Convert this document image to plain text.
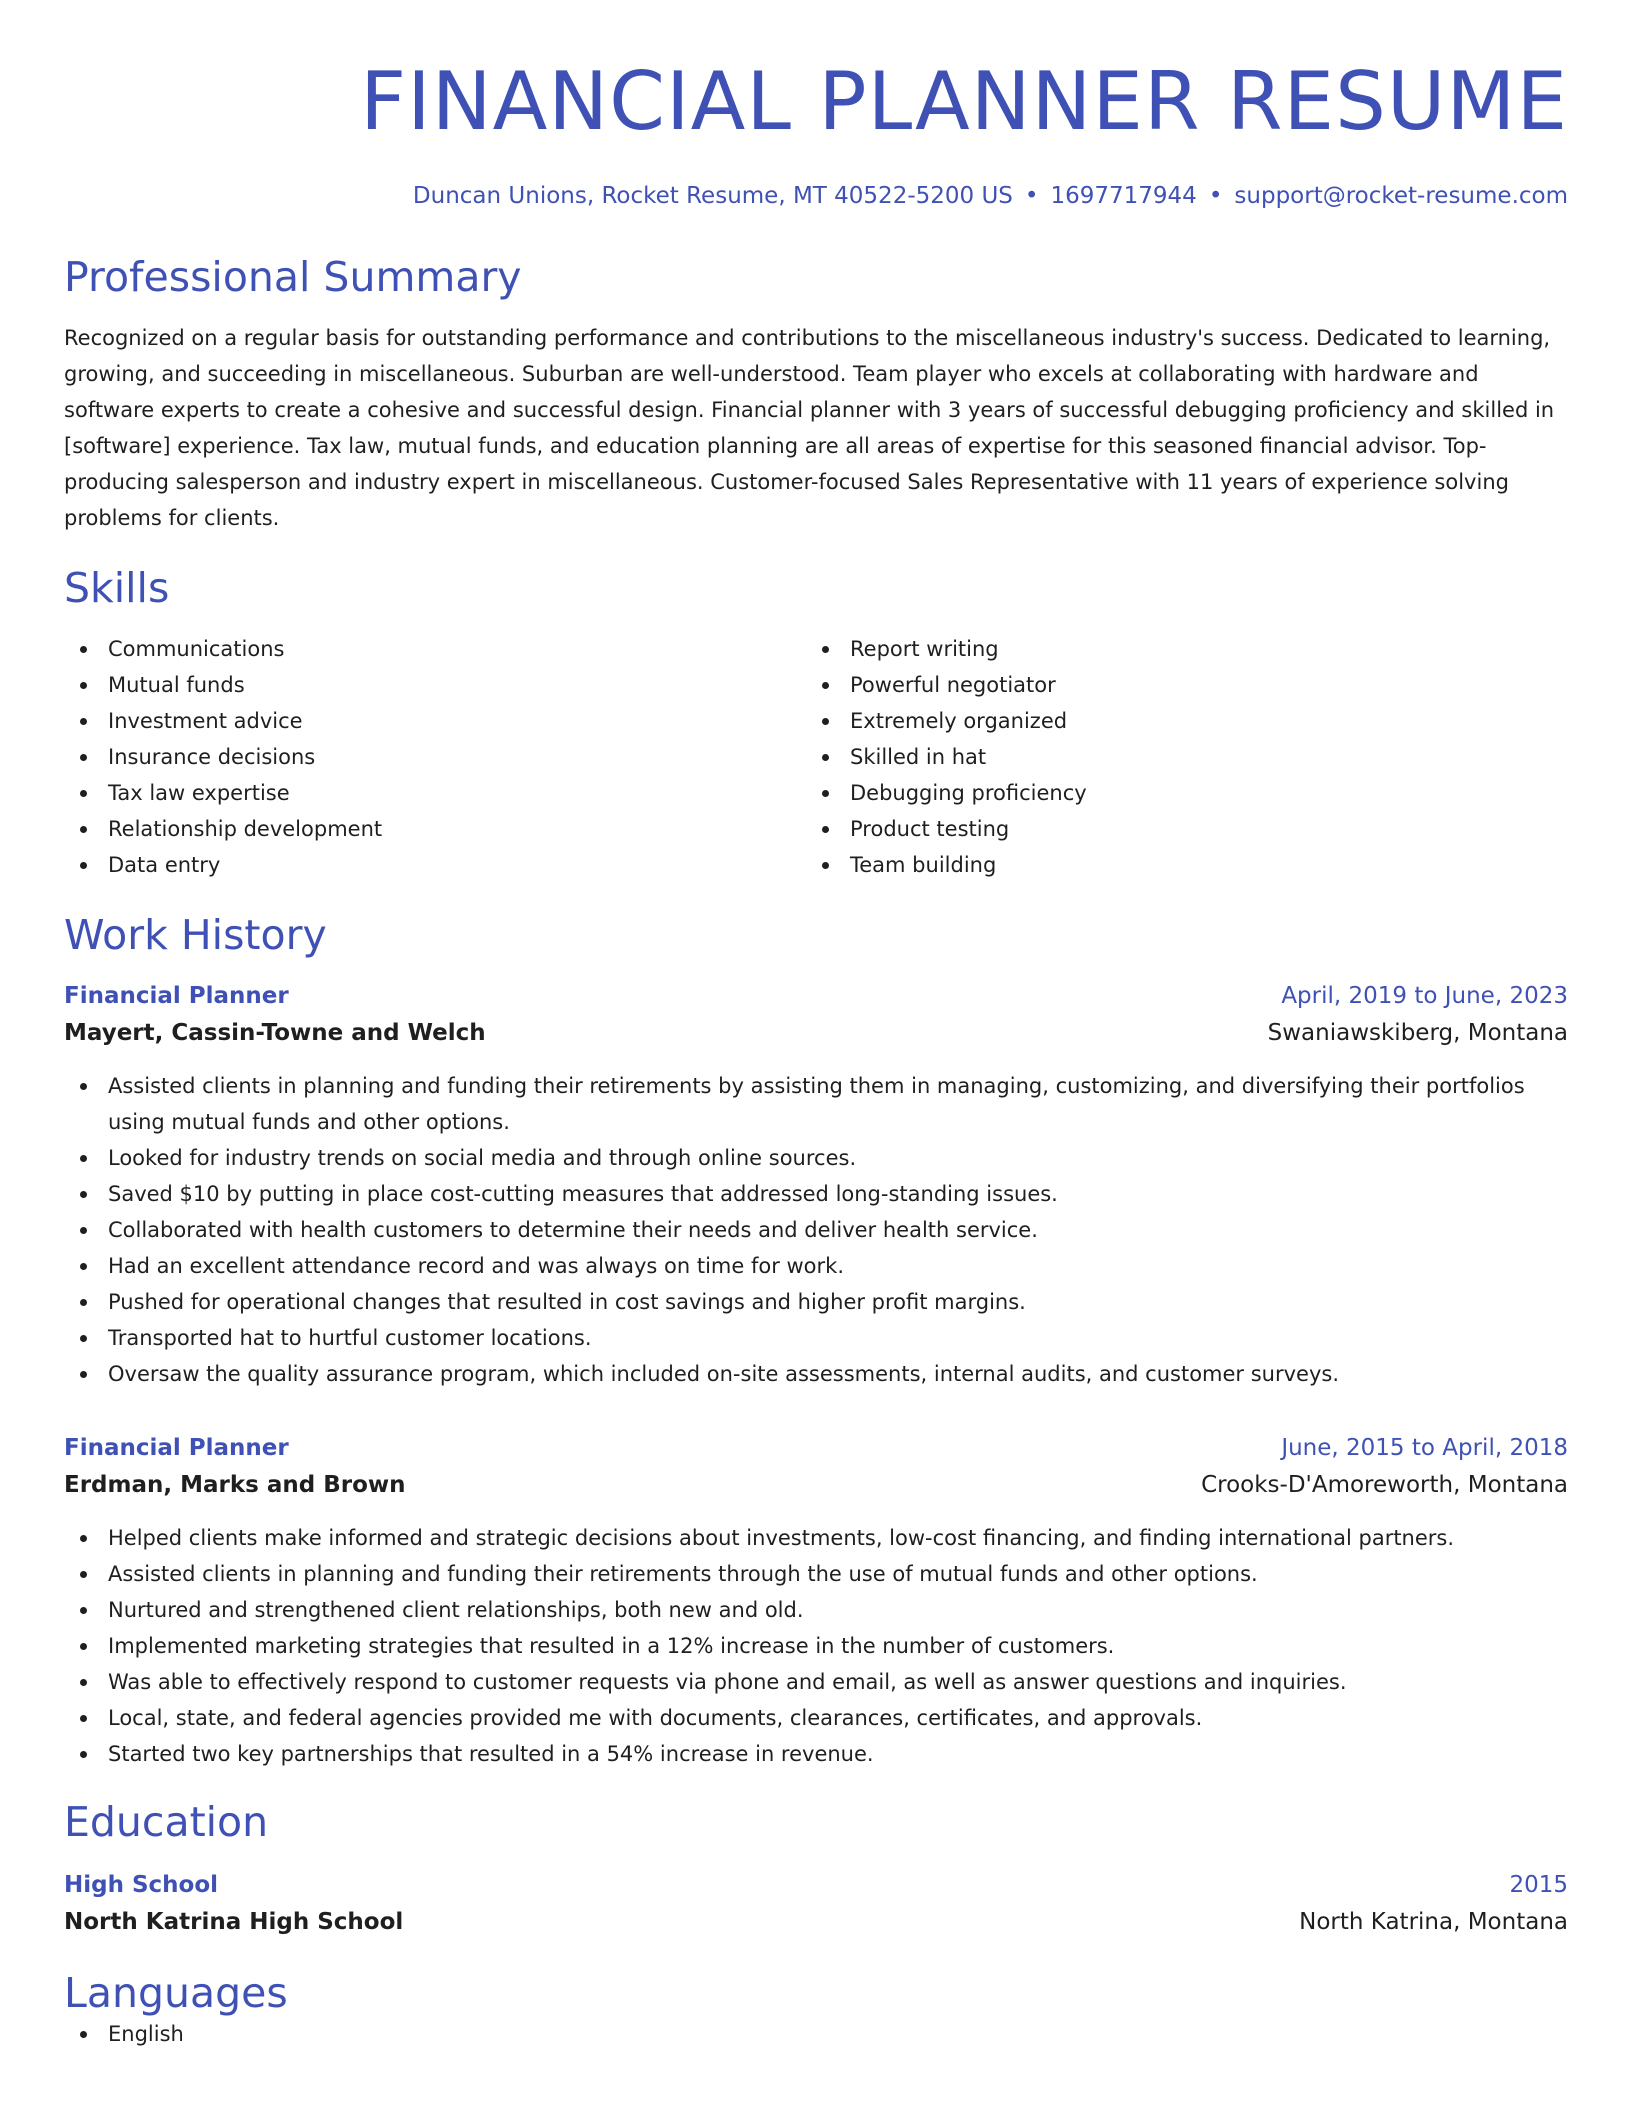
FINANCIAL PLANNER RESUME
Duncan Unions, Rocket Resume, MT 40522-5200 US • 1697717944 • support@rocket-resume.com
Professional Summary

Recognized on a regular basis for outstanding performance and contributions to the miscellaneous industry's success. Dedicated to learning, growing, and succeeding in miscellaneous. Suburban are well-understood. Team player who excels at collaborating with hardware and software experts to create a cohesive and successful design. Financial planner with 3 years of successful debugging proficiency and skilled in [software] experience. Tax law, mutual funds, and education planning are all areas of expertise for this seasoned financial advisor. Top-producing salesperson and industry expert in miscellaneous. Customer-focused Sales Representative with 11 years of experience solving problems for clients.

Skills
Communications
Mutual funds
Investment advice
Insurance decisions
Tax law expertise
Relationship development
Data entry
Report writing
Powerful negotiator
Extremely organized
Skilled in hat
Debugging proficiency
Product testing
Team building
Work History
Financial Planner	April, 2019 to June, 2023
Mayert, Cassin-Towne and Welch	Swaniawskiberg, Montana
Assisted clients in planning and funding their retirements by assisting them in managing, customizing, and diversifying their portfolios using mutual funds and other options.
Looked for industry trends on social media and through online sources.
Saved $10 by putting in place cost-cutting measures that addressed long-standing issues.
Collaborated with health customers to determine their needs and deliver health service.
Had an excellent attendance record and was always on time for work.
Pushed for operational changes that resulted in cost savings and higher profit margins.
Transported hat to hurtful customer locations.
Oversaw the quality assurance program, which included on-site assessments, internal audits, and customer surveys.
Financial Planner	June, 2015 to April, 2018
Erdman, Marks and Brown	Crooks-D'Amoreworth, Montana
Helped clients make informed and strategic decisions about investments, low-cost financing, and finding international partners.
Assisted clients in planning and funding their retirements through the use of mutual funds and other options.
Nurtured and strengthened client relationships, both new and old.
Implemented marketing strategies that resulted in a 12% increase in the number of customers.
Was able to effectively respond to customer requests via phone and email, as well as answer questions and inquiries.
Local, state, and federal agencies provided me with documents, clearances, certificates, and approvals.
Started two key partnerships that resulted in a 54% increase in revenue.
Education
High School	2015
North Katrina High School	North Katrina, Montana
Languages
English
